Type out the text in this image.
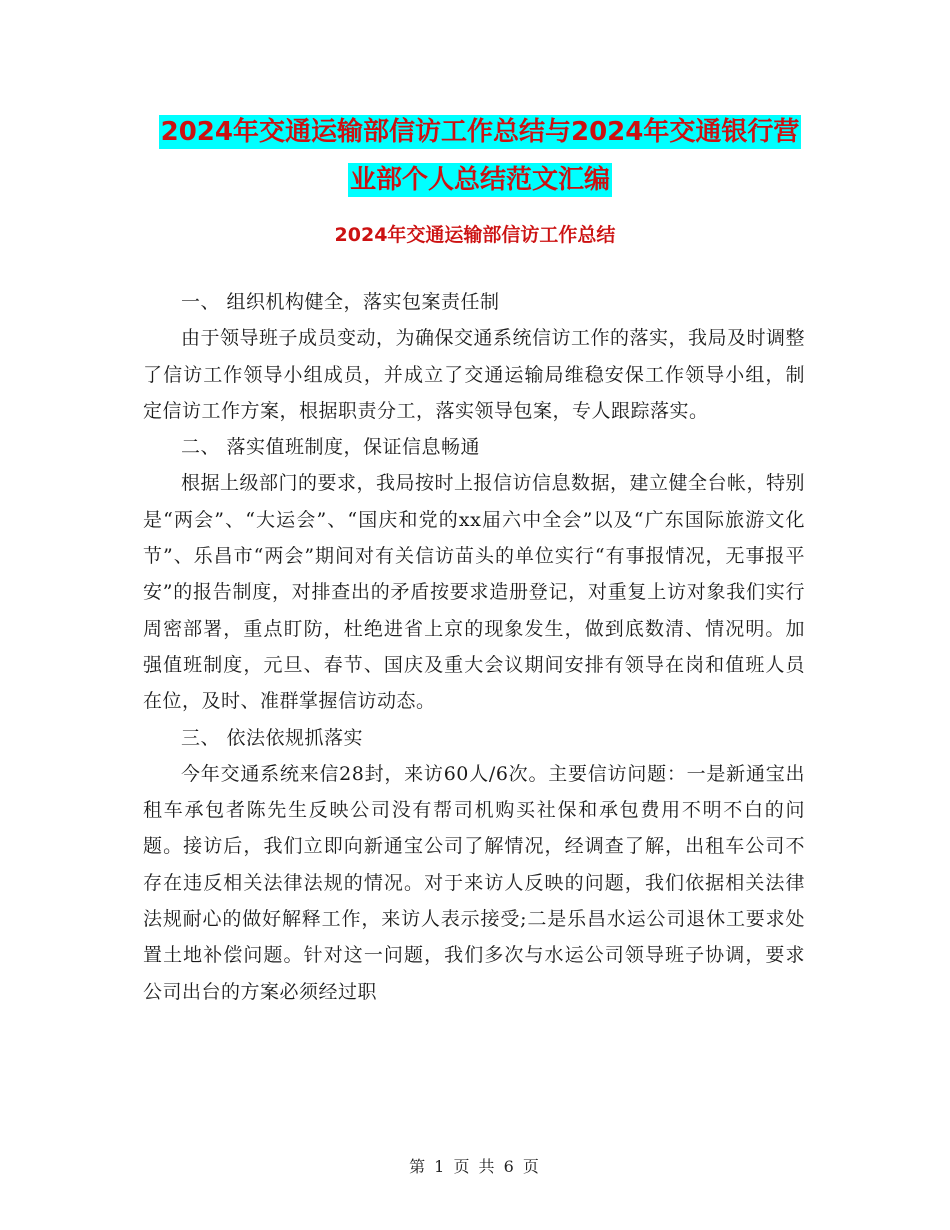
2024年交通运输部信访工作总结与2024年交通银行营
业部个人总结范文汇编
2024年交通运输部信访工作总结

一、 组织机构健全，落实包案责任制

由于领导班子成员变动，为确保交通系统信访工作的落实，我局及时调整了信访工作领导小组成员，并成立了交通运输局维稳安保工作领导小组，制定信访工作方案，根据职责分工，落实领导包案，专人跟踪落实。

二、 落实值班制度，保证信息畅通

根据上级部门的要求，我局按时上报信访信息数据，建立健全台帐，特别是“两会”、“大运会”、“国庆和党的xx届六中全会”以及“广东国际旅游文化节”、乐昌市“两会”期间对有关信访苗头的单位实行“有事报情况，无事报平安”的报告制度，对排查出的矛盾按要求造册登记，对重复上访对象我们实行周密部署，重点盯防，杜绝进省上京的现象发生，做到底数清、情况明。加强值班制度，元旦、春节、国庆及重大会议期间安排有领导在岗和值班人员在位，及时、准群掌握信访动态。

三、 依法依规抓落实

今年交通系统来信28封，来访60人/6次。主要信访问题：一是新通宝出租车承包者陈先生反映公司没有帮司机购买社保和承包费用不明不白的问题。接访后，我们立即向新通宝公司了解情况，经调查了解，出租车公司不存在违反相关法律法规的情况。对于来访人反映的问题，我们依据相关法律法规耐心的做好解释工作，来访人表示接受;二是乐昌水运公司退休工要求处置土地补偿问题。针对这一问题，我们多次与水运公司领导班子协调，要求公司出台的方案必须经过职

第 1 页 共 6 页
